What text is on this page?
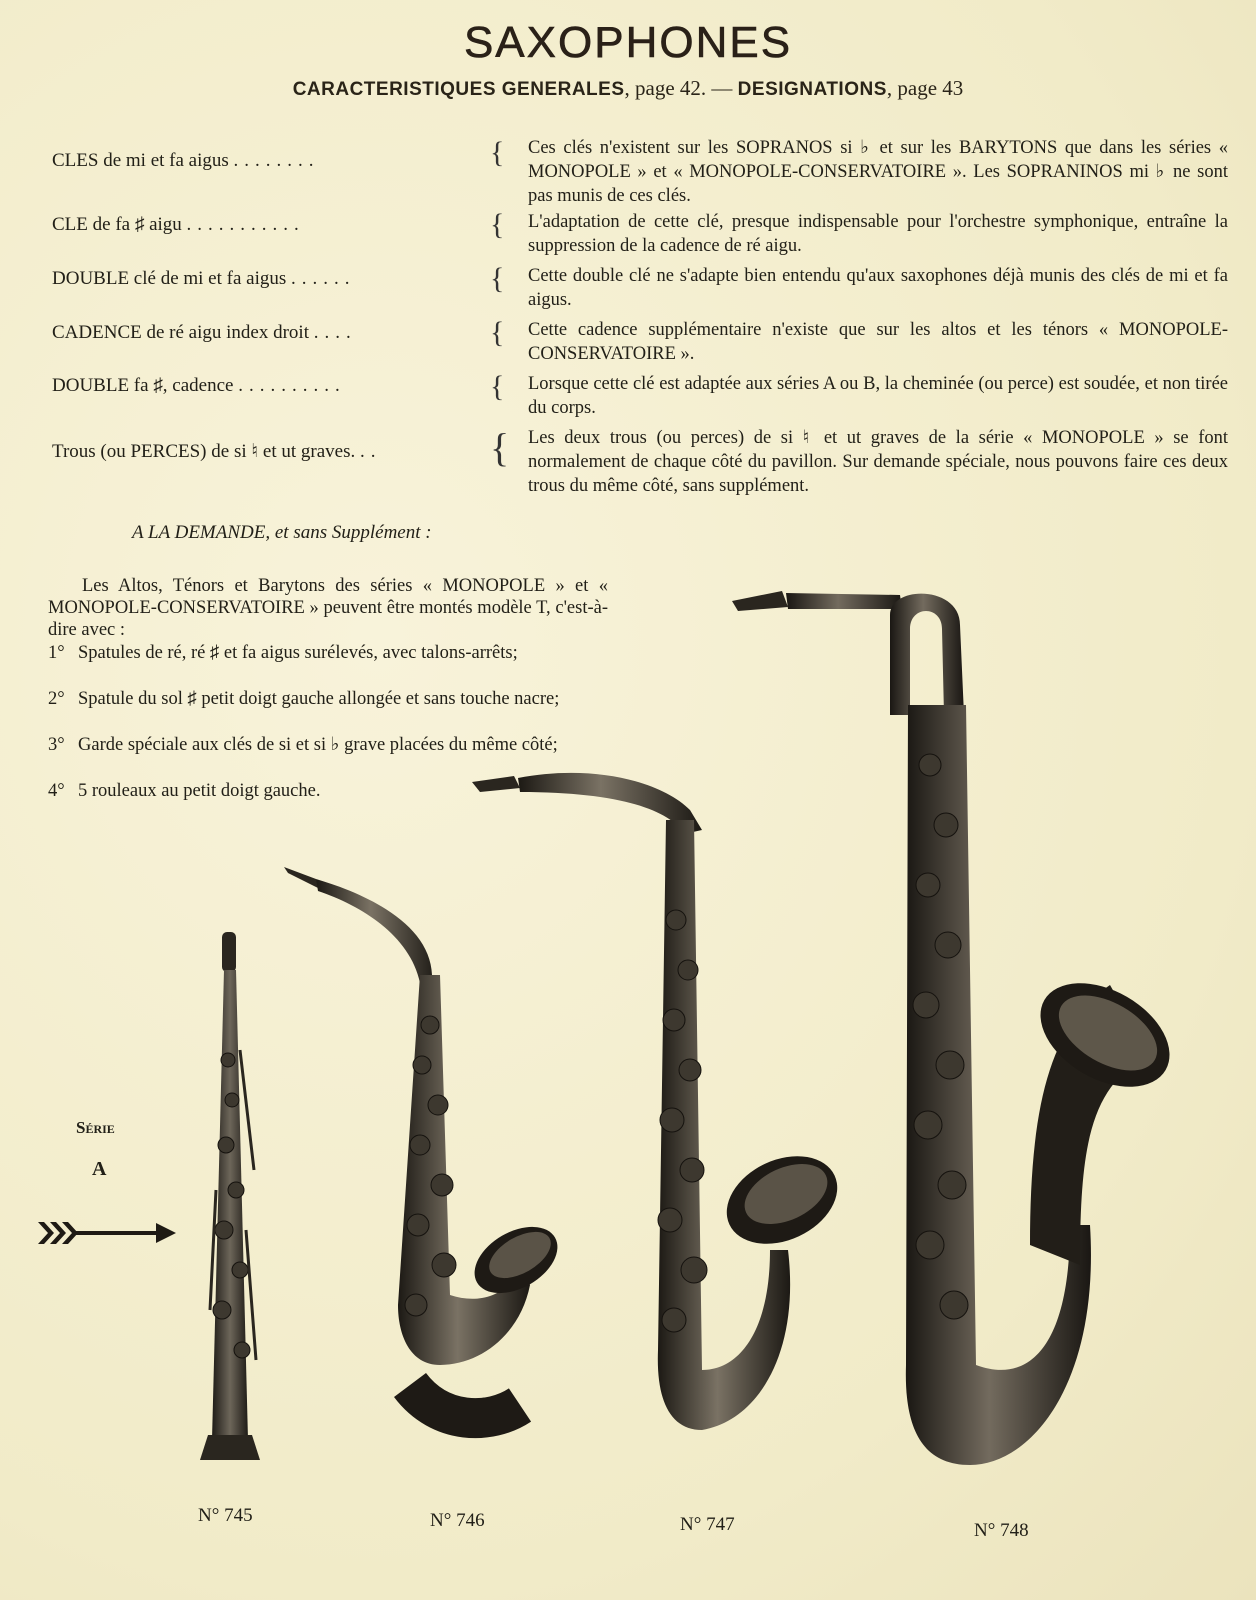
SAXOPHONES
CARACTERISTIQUES GENERALES, page 42. — DESIGNATIONS, page 43
CLES de mi et fa aigus ........	{ Ces clés n'existent sur les SOPRANOS si ♭ et sur les BARYTONS que dans les séries « MONOPOLE » et « MONOPOLE-CONSERVATOIRE ». Les SOPRANINOS mi ♭ ne sont pas munis de ces clés.
CLE de fa ♯ aigu ...........	{ L'adaptation de cette clé, presque indispensable pour l'orchestre symphonique, entraîne la suppression de la cadence de ré aigu.
DOUBLE clé de mi et fa aigus ......	{ Cette double clé ne s'adapte bien entendu qu'aux saxophones déjà munis des clés de mi et fa aigus.
CADENCE de ré aigu index droit ....	{ Cette cadence supplémentaire n'existe que sur les altos et les ténors « MONOPOLE-CONSERVATOIRE ».
DOUBLE fa ♯, cadence ..........	{ Lorsque cette clé est adaptée aux séries A ou B, la cheminée (ou perce) est soudée, et non tirée du corps.
Trous (ou PERCES) de si ♮ et ut graves. ..	{ Les deux trous (ou perces) de si ♮ et ut graves de la série « MONOPOLE » se font normalement de chaque côté du pavillon. Sur demande spéciale, nous pouvons faire ces deux trous du même côté, sans supplément.
A LA DEMANDE, et sans Supplément :
Les Altos, Ténors et Barytons des séries « MONOPOLE » et « MONOPOLE-CONSERVATOIRE » peuvent être montés modèle T, c'est-à-dire avec :
1° Spatules de ré, ré ♯ et fa aigus surélevés, avec talons-arrêts;
2° Spatule du sol ♯ petit doigt gauche allongée et sans touche nacre;
3° Garde spéciale aux clés de si et si ♭ grave placées du même côté;
4° 5 rouleaux au petit doigt gauche.
Série
A
N° 745	N° 746	N° 747	N° 748
